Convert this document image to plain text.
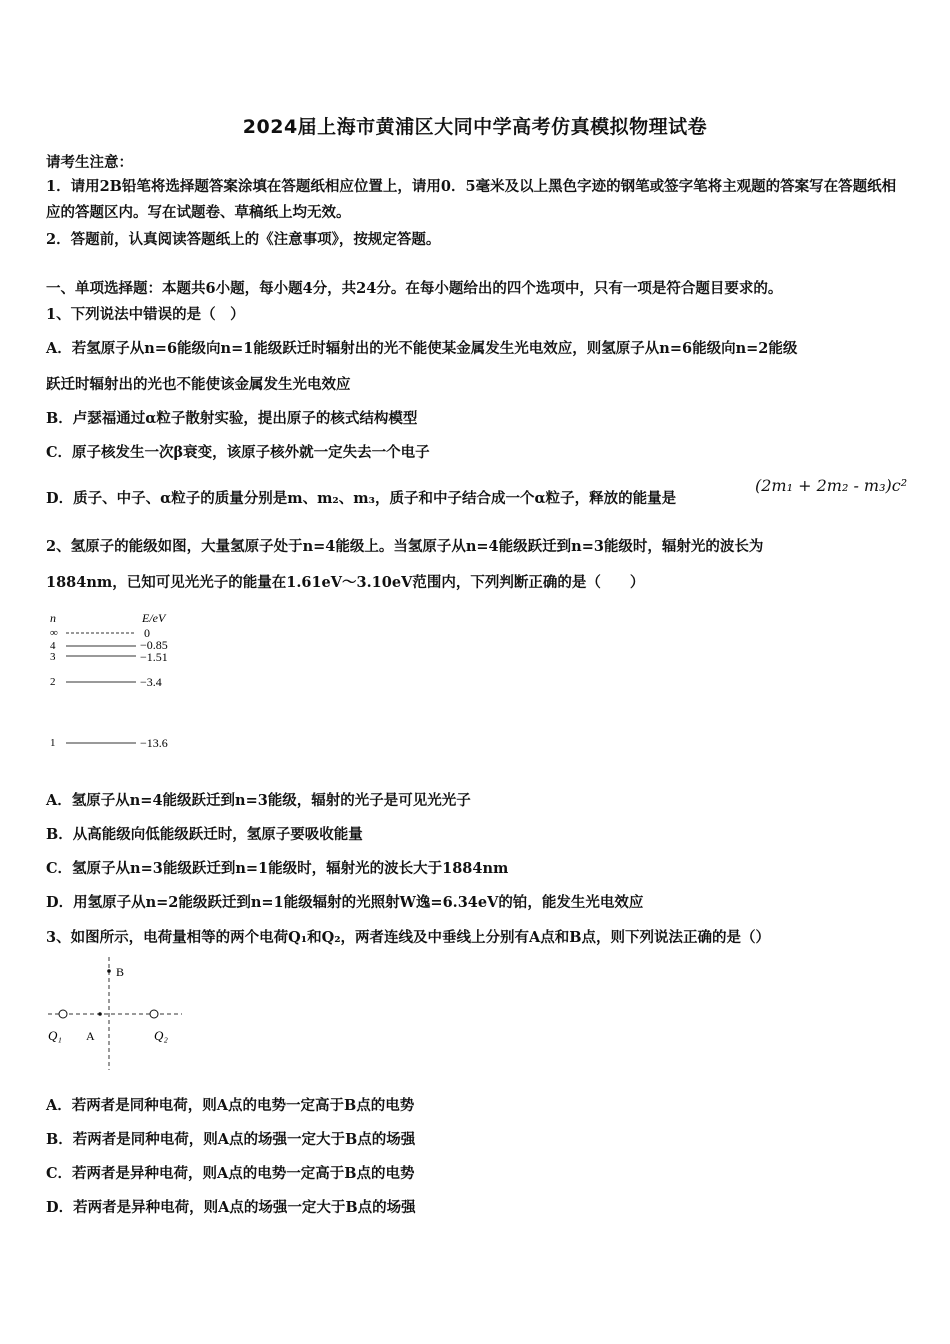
2024届上海市黄浦区大同中学高考仿真模拟物理试卷
请考生注意：
1．请用2B铅笔将选择题答案涂填在答题纸相应位置上，请用0．5毫米及以上黑色字迹的钢笔或签字笔将主观题的答案写在答题纸相应的答题区内。写在试题卷、草稿纸上均无效。
2．答题前，认真阅读答题纸上的《注意事项》，按规定答题。
一、单项选择题：本题共6小题，每小题4分，共24分。在每小题给出的四个选项中，只有一项是符合题目要求的。
1、下列说法中错误的是（　）
A．若氢原子从n=6能级向n=1能级跃迁时辐射出的光不能使某金属发生光电效应，则氢原子从n=6能级向n=2能级
跃迁时辐射出的光也不能使该金属发生光电效应
B．卢瑟福通过α粒子散射实验，提出原子的核式结构模型
C．原子核发生一次β衰变，该原子核外就一定失去一个电子
D．质子、中子、α粒子的质量分别是m、m₂、m₃，质子和中子结合成一个α粒子，释放的能量是
(2m₁ + 2m₂ - m₃)c²
2、氢原子的能级如图，大量氢原子处于n=4能级上。当氢原子从n=4能级跃迁到n=3能级时，辐射光的波长为
1884nm，已知可见光光子的能量在1.61eV～3.10eV范围内，下列判断正确的是（　　）
n	E/eV
∞	0
4	−0.85
3	−1.51
2	−3.4
1	−13.6
A．氢原子从n=4能级跃迁到n=3能级，辐射的光子是可见光光子
B．从高能级向低能级跃迁时，氢原子要吸收能量
C．氢原子从n=3能级跃迁到n=1能级时，辐射光的波长大于1884nm
D．用氢原子从n=2能级跃迁到n=1能级辐射的光照射W逸=6.34eV的铂，能发生光电效应
3、如图所示，电荷量相等的两个电荷Q₁和Q₂，两者连线及中垂线上分别有A点和B点，则下列说法正确的是（）
B
Q₁ A	Q₂
A．若两者是同种电荷，则A点的电势一定高于B点的电势
B．若两者是同种电荷，则A点的场强一定大于B点的场强
C．若两者是异种电荷，则A点的电势一定高于B点的电势
D．若两者是异种电荷，则A点的场强一定大于B点的场强
